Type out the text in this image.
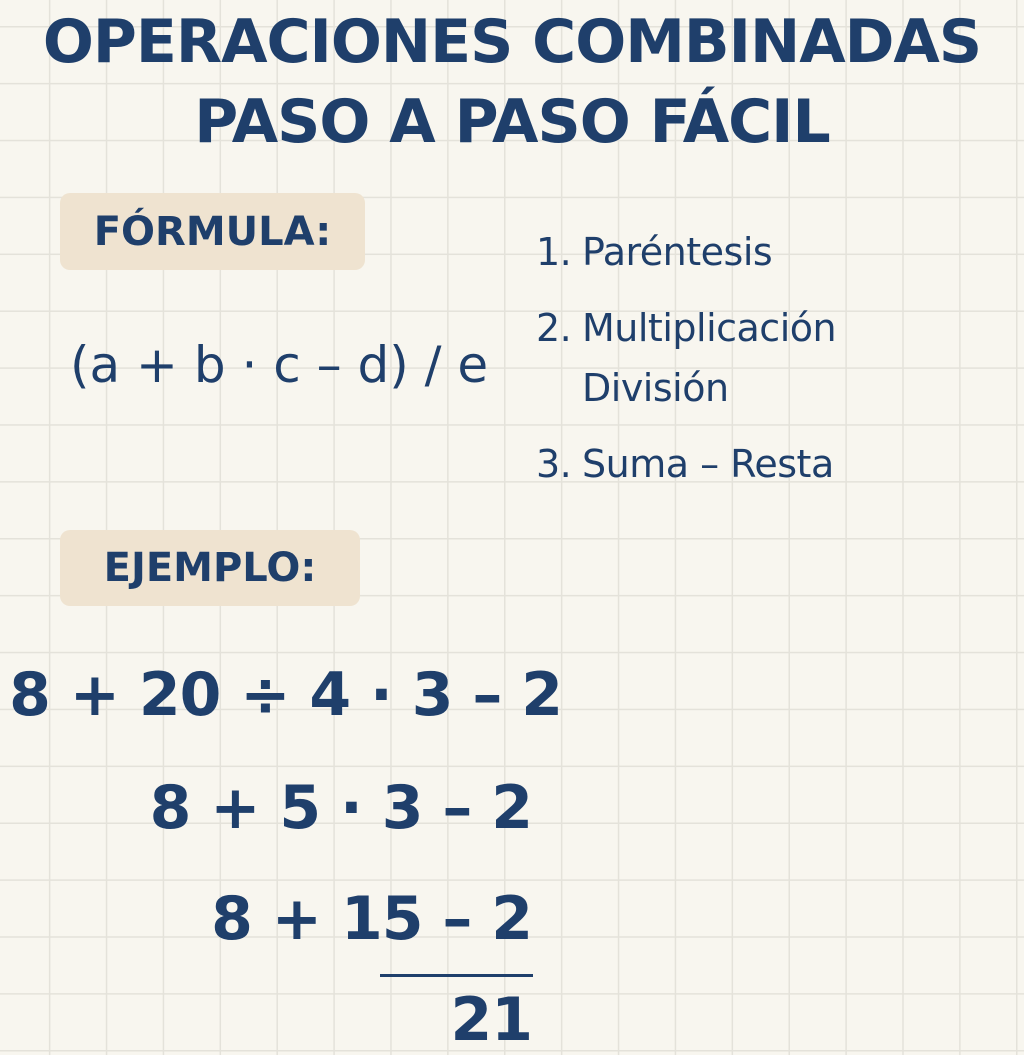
OPERACIONES COMBINADAS
PASO A PASO FÁCIL
FÓRMULA:
(a + b · c – d) / e
1. Paréntesis
2. Multiplicación
División
3. Suma – Resta
EJEMPLO:
8 + 20 ÷ 4 · 3 – 2
8 + 5 · 3 – 2
8 + 15 – 2
21
